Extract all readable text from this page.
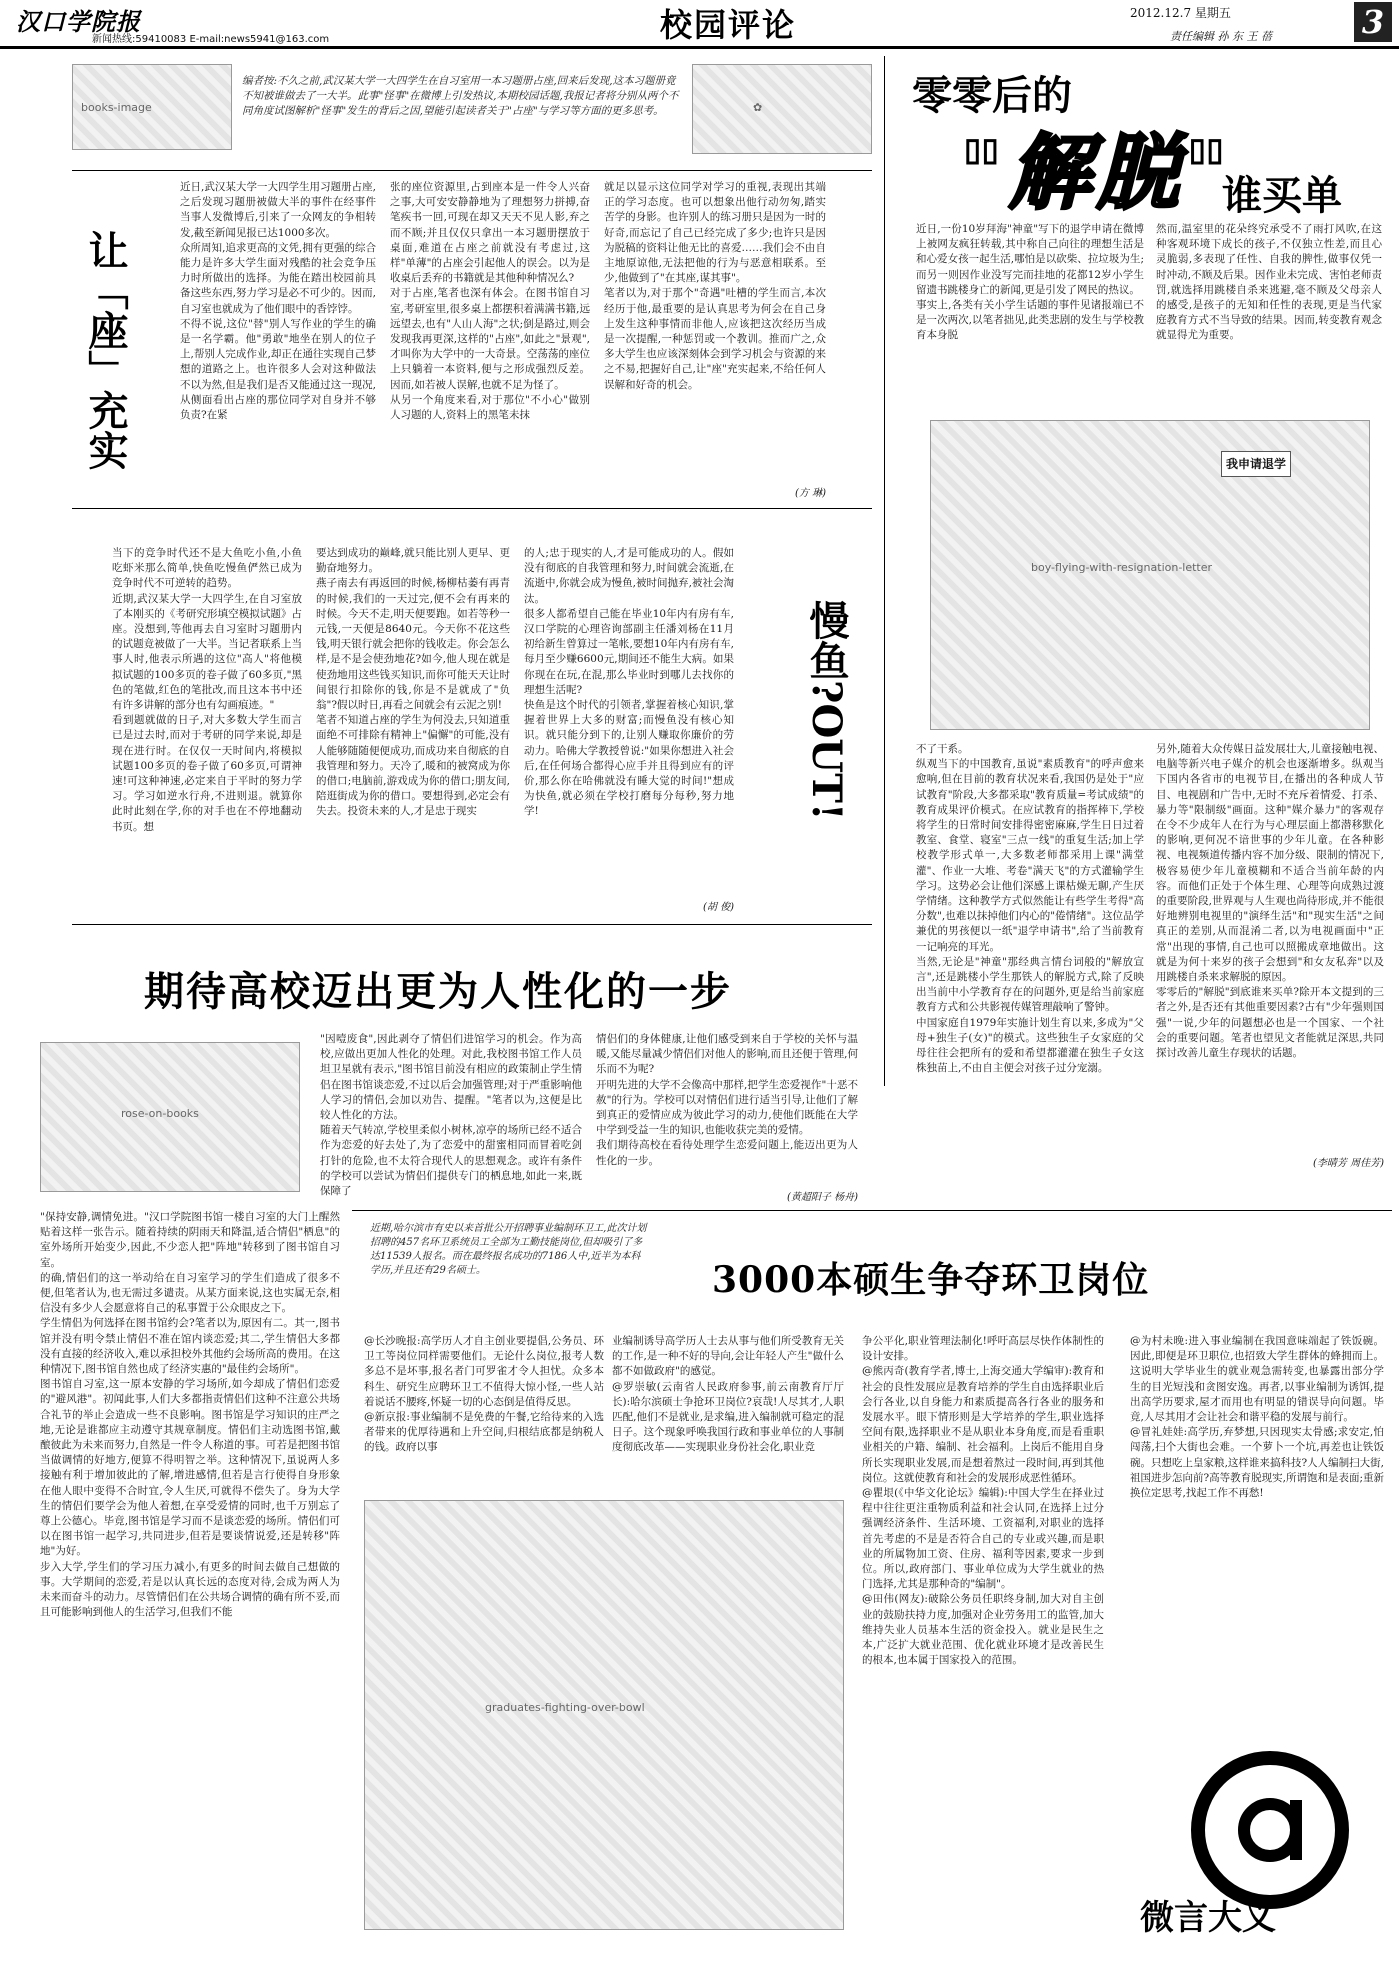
汉口学院报
新闻热线:59410083 E-mail:news5941@163.com	校园评论	2012.12.7 星期五
责任编辑 孙 东 王 蓓	3
books-image
编者按:不久之前,武汉某大学一大四学生在自习室用一本习题册占座,回来后发现,这本习题册竟不知被谁做去了一大半。此事"怪事"在微博上引发热议,本期校园话题,我报记者将分别从两个不同角度试图解析"怪事"发生的背后之因,望能引起读者关于"占座"与学习等方面的更多思考。	✿
让「座」充实
近日,武汉某大学一大四学生用习题册占座,之后发现习题册被做大半的事件在经事件当事人发微博后,引来了一众网友的争相转发,截至新闻见报已达1000多次。
众所周知,追求更高的文凭,拥有更强的综合能力是许多大学生面对残酷的社会竞争压力时所做出的选择。为能在踏出校园前具备这些东西,努力学习是必不可少的。因而,自习室也就成为了他们眼中的香饽饽。
不得不说,这位"替"别人写作业的学生的确是一名学霸。他"勇敢"地坐在别人的位子上,帮别人完成作业,却正在通往实现自己梦想的道路之上。也许很多人会对这种做法不以为然,但是我们是否又能通过这一现况,从侧面看出占座的那位同学对自身并不够负责?在紧
张的座位资源里,占到座本是一件令人兴奋之事,大可安安静静地为了理想努力拼搏,奋笔疾书一回,可现在却又天天不见人影,弃之而不顾;并且仅仅只拿出一本习题册摆放于桌面,难道在占座之前就没有考虑过,这样"单薄"的占座会引起他人的误会。以为是收桌后丢弃的书籍就是其他种种情况么?
对于占座,笔者也深有体会。在图书馆自习室,考研室里,很多桌上都摆积着满满书籍,远远望去,也有"人山人海"之状;倒是路过,则会发现我再更深,这样的"占座",如此之"景观",才叫你为大学中的一大奇景。空荡荡的座位上只躺着一本资料,便与之形成强烈反差。因而,如若被人误解,也就不足为怪了。
从另一个角度来看,对于那位"不小心"做别人习题的人,资料上的黑笔未抹
就足以显示这位同学对学习的重视,表现出其端正的学习态度。也可以想象出他行动勿匆,踏实苦学的身影。也许别人的练习册只是因为一时的好奇,而忘记了自己已经完成了多少;也许只是因为脱稿的资料让他无比的喜爱……我们会不由自主地原谅他,无法把他的行为与恶意相联系。至少,他做到了"在其座,谋其事"。
笔者以为,对于那个"奇遇"吐槽的学生而言,本次经历于他,最重要的是认真思考为何会在自己身上发生这种事情而非他人,应该把这次经历当成是一次提醒,一种惩罚或一个教训。推而广之,众多大学生也应该深刻体会到学习机会与资源的来之不易,把握好自己,让"座"充实起来,不给任何人误解和好奇的机会。
(方 琳)
当下的竞争时代还不是大鱼吃小鱼,小鱼吃虾米那么简单,快鱼吃慢鱼俨然已成为竞争时代不可逆转的趋势。
近期,武汉某大学一大四学生,在自习室放了本刚买的《考研究形填空模拟试题》占座。没想到,等他再去自习室时习题册内的试题竟被做了一大半。当记者联系上当事人时,他表示所遇的这位"高人"将他模拟试题的100多页的卷子做了60多页,"黑色的笔做,红色的笔批改,而且这本书中还有许多讲解的部分也有勾画痕迹。"
看到题就做的日子,对大多数大学生而言已是过去时,而对于考研的同学来说,却是现在进行时。在仅仅一天时间内,将模拟试题100多页的卷子做了60多页,可谓神速!可这种神速,必定来自于平时的努力学习。学习如逆水行舟,不进则退。就算你此时此刻在学,你的对手也在不停地翻动书页。想
要达到成功的巅峰,就只能比别人更早、更勤奋地努力。
燕子南去有再返回的时候,杨柳枯萎有再青的时候,我们的一天过完,便不会有再来的时候。今天不走,明天便要跑。如若等秒一元钱,一天便是8640元。今天你不花这些钱,明天银行就会把你的钱收走。你会怎么样,是不是会使劲地花?如今,他人现在就是使劲地用这些钱买知识,而你可能天天让时间银行扣除你的钱,你是不是就成了"负翁"?假以时日,再看之间就会有云泥之别!
笔者不知道占座的学生为何没去,只知道重面绝不可排除有精神上"偏懈"的可能,没有人能够随随便便成功,而成功来自彻底的自我管理和努力。天冷了,暖和的被窝成为你的借口;电脑前,游戏成为你的借口;朋友间,陪逛街成为你的借口。要想得到,必定会有失去。投资未来的人,才是忠于现实
的人;忠于现实的人,才是可能成功的人。假如没有彻底的自我管理和努力,时间就会流逝,在流逝中,你就会成为慢鱼,被时间抛弃,被社会淘汰。
很多人都希望自己能在毕业10年内有房有车,汉口学院的心理咨询部副主任潘刘杨在11月初给新生曾算过一笔帐,要想10年内有房有车,每月至少赚6600元,期间还不能生大病。如果你现在在玩,在混,那么毕业时到哪儿去找你的理想生活呢?
快鱼是这个时代的引领者,掌握着核心知识,掌握着世界上大多的财富;而慢鱼没有核心知识。就只能分到下的,让别人赚取你廉价的劳动力。哈佛大学教授曾说:"如果你想进入社会后,在任何场合都得心应手并且得到应有的评价,那么你在哈佛就没有睡大觉的时间!"想成为快鱼,就必须在学校打磨每分每秒,努力地学!
(胡 俊)
慢鱼?OUT!
零零后的
"解脱"
谁买单
近日,一份10岁拜海"神童"写下的退学申请在微博上被网友疯狂转载,其中称自己向往的理想生活是和心爱女孩一起生活,哪怕是以砍柴、拉垃圾为生;而另一则因作业没写完而挂地的花都12岁小学生留遗书跳楼身亡的新闻,更是引发了网民的热议。
事实上,各类有关小学生话题的事件见诸报端已不是一次两次,以笔者拙见,此类悲剧的发生与学校教育本身脱
然而,温室里的花朵终究承受不了雨打风吹,在这种客观环境下成长的孩子,不仅独立性差,而且心灵脆弱,多表现了任性、自我的脾性,做事仅凭一时冲动,不顾及后果。因作业未完成、害怕老师责罚,就选择用跳楼自杀来逃避,毫不顾及父母亲人的感受,是孩子的无知和任性的表现,更是当代家庭教育方式不当导致的结果。因而,转变教育观念就显得尤为重要。
boy-flying-with-resignation-letter
我申请退学
不了干系。
纵观当下的中国教育,虽说"素质教育"的呼声愈来愈响,但在目前的教育状况来看,我国仍是处于"应试教育"阶段,大多都采取"教育质量=考试成绩"的教育成果评价模式。在应试教育的指挥棒下,学校将学生的日常时间安排得密密麻麻,学生日日过着教室、食堂、寝室"三点一线"的重复生活;加上学校教学形式单一,大多数老师都采用上课"满堂灌"、作业一大堆、考卷"满天飞"的方式灌输学生学习。这势必会让他们深感上课枯燥无聊,产生厌学情绪。这种教学方式似然能让有些学生考得"高分数",也难以抹掉他们内心的"倦情绪"。这位品学兼优的男孩便以一纸"退学申请书",给了当前教育一记响亮的耳光。
当然,无论是"神童"那经典言情台词般的"解放宣言",还是跳楼小学生那铁人的解脱方式,除了反映出当前中小学教育存在的问题外,更是给当前家庭教育方式和公共影视传媒管理敲响了警钟。
中国家庭自1979年实施计划生育以来,多成为"父母+独生子(女)"的模式。这些独生子女家庭的父母往往会把所有的爱和希望都灌灌在独生子女这株独苗上,不由自主便会对孩子过分宠溺。
另外,随着大众传媒日益发展壮大,儿童接触电视、电脑等新兴电子媒介的机会也逐渐增多。纵观当下国内各省市的电视节目,在播出的各种成人节目、电视剧和广告中,无时不充斥着情爱、打杀、暴力等"限制级"画面。这种"媒介暴力"的客观存在令不少成年人在行为与心理层面上都潜移默化的影响,更何况不谙世事的少年儿童。在各种影视、电视频道传播内容不加分级、限制的情况下,极容易使少年儿童模糊和不适合当前年龄的内容。而他们正处于个体生理、心理等向成熟过渡的重要阶段,世界观与人生观也尚待形成,并不能很好地辨别电视里的"演绎生活"和"现实生活"之间真正的差别,从而混淆二者,以为电视画面中"正常"出现的事情,自己也可以照搬成章地做出。这就是为何十来岁的孩子会想到"和女友私奔"以及用跳楼自杀来求解脱的原因。
零零后的"解脱"到底谁来买单?除开本文提到的三者之外,是否还有其他重要因素?古有"少年强则国强"一说,少年的问题想必也是一个国家、一个社会的重要问题。笔者也望见文者能就足深思,共同探讨改善儿童生存现状的话题。
(李晴芳 周佳芳)
期待高校迈出更为人性化的一步
rose-on-books
"因噎废食",因此剥夺了情侣们进馆学习的机会。作为高校,应做出更加人性化的处理。对此,我校图书馆工作人员坦卫星就有表示,"图书馆目前没有相应的政策制止学生情侣在图书馆谈恋爱,不过以后会加强管理;对于严重影响他人学习的情侣,会加以劝告、提醒。"笔者以为,这便是比较人性化的方法。
随着天气转凉,学校里柔似小树林,凉亭的场所已经不适合作为恋爱的好去处了,为了恋爱中的甜蜜相同而冒着吃剑打针的危险,也不太符合现代人的思想观念。或许有条件的学校可以尝试为情侣们提供专门的栖息地,如此一来,既保障了
情侣们的身体健康,让他们感受到来自于学校的关怀与温暖,又能尽量减少情侣们对他人的影响,而且还便于管理,何乐而不为呢?
开明先进的大学不会像高中那样,把学生恋爱视作"十恶不赦"的行为。学校可以对情侣们进行适当引导,让他们了解到真正的爱情应成为彼此学习的动力,使他们既能在大学中学到受益一生的知识,也能收获完美的爱情。
我们期待高校在看待处理学生恋爱问题上,能迈出更为人性化的一步。
(黄超阳子 杨舟)
"保持安静,调情免进。"汉口学院图书馆一楼自习室的大门上醒然贴着这样一张告示。随着持续的阴雨天和降温,适合情侣"栖息"的室外场所开始变少,因此,不少恋人把"阵地"转移到了图书馆自习室。
的确,情侣们的这一举动给在自习室学习的学生们造成了很多不便,但笔者认为,也无需过多谴责。从某方面来说,这也实属无奈,相信没有多少人会愿意将自己的私事置于公众眼皮之下。
学生情侣为何选择在图书馆约会?笔者以为,原因有二。其一,图书馆并没有明令禁止情侣不准在馆内谈恋爱;其二,学生情侣大多都没有直接的经济收入,难以承担校外其他约会场所高的费用。在这种情况下,图书馆自然也成了经济实惠的"最佳约会场所"。
图书馆自习室,这一原本安静的学习场所,如今却成了情侣们恋爱的"避风港"。初闻此事,人们大多都指责情侣们这种不注意公共场合礼节的举止会造成一些不良影响。图书馆是学习知识的庄严之地,无论是谁都应主动遵守其规章制度。情侣们主动选图书馆,戴酿彼此为未来而努力,自然是一件令人称道的事。可若是把图书馆当做调情的好地方,便算不得明智之举。这种情况下,虽说两人多接触有利于增加彼此的了解,增进感情,但若是言行使得自身形象在他人眼中变得不合时宜,令人生厌,可就得不偿失了。身为大学生的情侣们要学会为他人着想,在享受爱情的同时,也千万别忘了尊上公德心。毕竟,图书馆是学习而不是谈恋爱的场所。情侣们可以在图书馆一起学习,共同进步,但若是要谈情说爱,还是转移"阵地"为好。
步入大学,学生们的学习压力减小,有更多的时间去做自己想做的事。大学期间的恋爱,若是以认真长远的态度对待,会成为两人为未来而奋斗的动力。尽管情侣们在公共场合调情的确有所不妥,而且可能影响到他人的生活学习,但我们不能
近期,哈尔滨市有史以来首批公开招聘事业编制环卫工,此次计划招聘的457名环卫系统员工全部为工勤技能岗位,但却吸引了多达11539人报名。而在最终报名成功的7186人中,近半为本科学历,并且还有29名硕士。	3000本硕生争夺环卫岗位
@长沙晚报:高学历人才自主创业要提倡,公务员、环卫工等岗位同样需要他们。无论什么岗位,报考人数多总不是坏事,报名者门可罗雀才令人担忧。众多本科生、研究生应聘环卫工不值得大惊小怪,一些人站着说话不腰疼,怀疑一切的心态倒是值得反思。
@新京报:事业编制不是免费的午餐,它给待来的入选者带来的优厚待遇和上升空间,归根结底都是纳税人的钱。政府以事
业编制诱导高学历人士去从事与他们所受教育无关的工作,是一种不好的导向,会让年轻人产生"做什么都不如做政府"的感觉。
@罗崇敏(云南省人民政府参事,前云南教育厅厅长):哈尔滨硕士争抢环卫岗位?哀哉!人尽其才,人职匹配,他们不是就业,是求编,进入编制就可稳定的混日子。这个现象呼唤我国行政和事业单位的人事制度彻底改革——实现职业身份社会化,职业竞
graduates-fighting-over-bowl
争公平化,职业管理法制化!呼吁高层尽快作体制性的设计安排。
@熊丙奇(教育学者,博士,上海交通大学编审):教育和社会的良性发展应是教育培养的学生自由选择职业后会行各业,以自身能力和素质提高各行各业的服务和发展水平。眼下情形则是大学培养的学生,职业选择空间有限,选择职业不是从职业本身角度,而是看重职业相关的户籍、编制、社会福利。上岗后不能用自身所长实现职业发展,而是想着熬过一段时间,再到其他岗位。这就使教育和社会的发展形成恶性循环。
@瞿垠(《中华文化论坛》编辑):中国大学生在择业过程中往往更注重物质利益和社会认同,在选择上过分强调经济条件、生活环境、工资福利,对职业的选择首先考虑的不是是否符合自己的专业或兴趣,而是职业的所属物加工资、住房、福利等因素,要求一步到位。所以,政府部门、事业单位成为大学生就业的热门选择,尤其是那种奇的"编制"。
@田伟(网友):破除公务员任职终身制,加大对自主创业的鼓励扶持力度,加强对企业劳务用工的监管,加大维持失业人员基本生活的资金投入。就业是民生之本,广泛扩大就业范围、优化就业环境才是改善民生的根本,也本属于国家投入的范围。
@为村未晚:进入事业编制在我国意味端起了铁饭碗。因此,即便是环卫职位,也招致大学生群体的蜂拥而上。这说明大学毕业生的就业观急需转变,也暴露出部分学生的目光短浅和贪图安逸。再者,以事业编制为诱饵,提出高学历要求,屋才而用也有明显的错误导向问题。毕竟,人尽其用才会让社会和谐平稳的发展与前行。
@冒礼娃娃:高学历,弃梦想,只因现实太骨感;求安定,怕闯荡,扫个大街也会难。一个萝卜一个坑,再差也让铁饭碗。只想吃上皇家粮,这样谁来搞科技?人人编制扫大街,祖国进步怎向前?高等教育脱现实,所谓饱和是表面;重新换位定思考,找起工作不再愁!
微言大义
